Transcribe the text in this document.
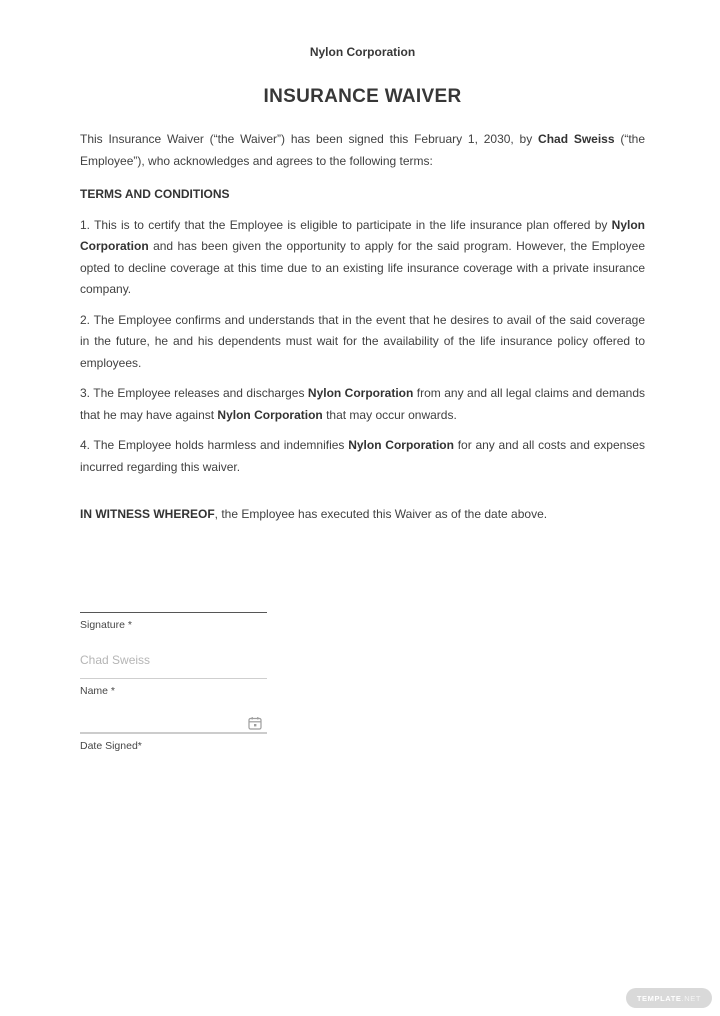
Nylon Corporation
INSURANCE WAIVER

This Insurance Waiver (“the Waiver”) has been signed this February 1, 2030, by Chad Sweiss (“the Employee”), who acknowledges and agrees to the following terms:

TERMS AND CONDITIONS

1. This is to certify that the Employee is eligible to participate in the life insurance plan offered by Nylon Corporation and has been given the opportunity to apply for the said program. However, the Employee opted to decline coverage at this time due to an existing life insurance coverage with a private insurance company.

2. The Employee confirms and understands that in the event that he desires to avail of the said coverage in the future, he and his dependents must wait for the availability of the life insurance policy offered to employees.

3. The Employee releases and discharges Nylon Corporation from any and all legal claims and demands that he may have against Nylon Corporation that may occur onwards.

4. The Employee holds harmless and indemnifies Nylon Corporation for any and all costs and expenses incurred regarding this waiver.

IN WITNESS WHEREOF, the Employee has executed this Waiver as of the date above.

Signature *
Chad Sweiss
Name *
Date Signed*
TEMPLATE .NET
